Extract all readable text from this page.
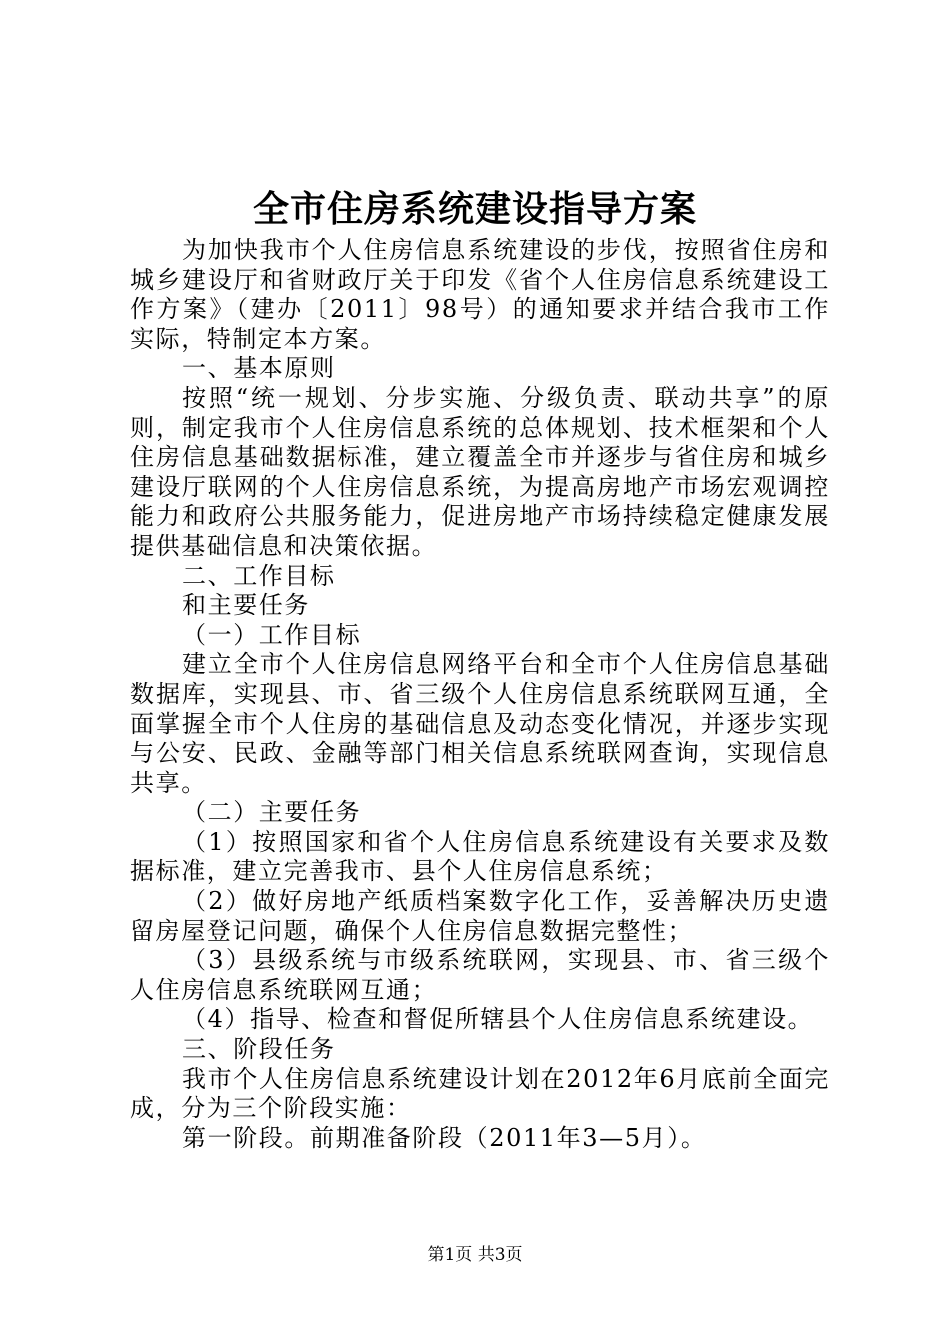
全市住房系统建设指导方案

为加快我市个人住房信息系统建设的步伐，按照省住房和城乡建设厅和省财政厅关于印发《省个人住房信息系统建设工作方案》（建办〔2011〕98号）的通知要求并结合我市工作实际，特制定本方案。

一、基本原则

按照“统一规划、分步实施、分级负责、联动共享”的原则，制定我市个人住房信息系统的总体规划、技术框架和个人住房信息基础数据标准，建立覆盖全市并逐步与省住房和城乡建设厅联网的个人住房信息系统，为提高房地产市场宏观调控能力和政府公共服务能力，促进房地产市场持续稳定健康发展提供基础信息和决策依据。

二、工作目标

和主要任务

（一）工作目标

建立全市个人住房信息网络平台和全市个人住房信息基础数据库，实现县、市、省三级个人住房信息系统联网互通，全面掌握全市个人住房的基础信息及动态变化情况，并逐步实现与公安、民政、金融等部门相关信息系统联网查询，实现信息共享。

（二）主要任务

（1）按照国家和省个人住房信息系统建设有关要求及数据标准，建立完善我市、县个人住房信息系统；

（2）做好房地产纸质档案数字化工作，妥善解决历史遗留房屋登记问题，确保个人住房信息数据完整性；

（3）县级系统与市级系统联网，实现县、市、省三级个人住房信息系统联网互通；

（4）指导、检查和督促所辖县个人住房信息系统建设。

三、阶段任务

我市个人住房信息系统建设计划在2012年6月底前全面完成，分为三个阶段实施：

第一阶段。前期准备阶段（2011年3—5月）。

第1页 共3页
